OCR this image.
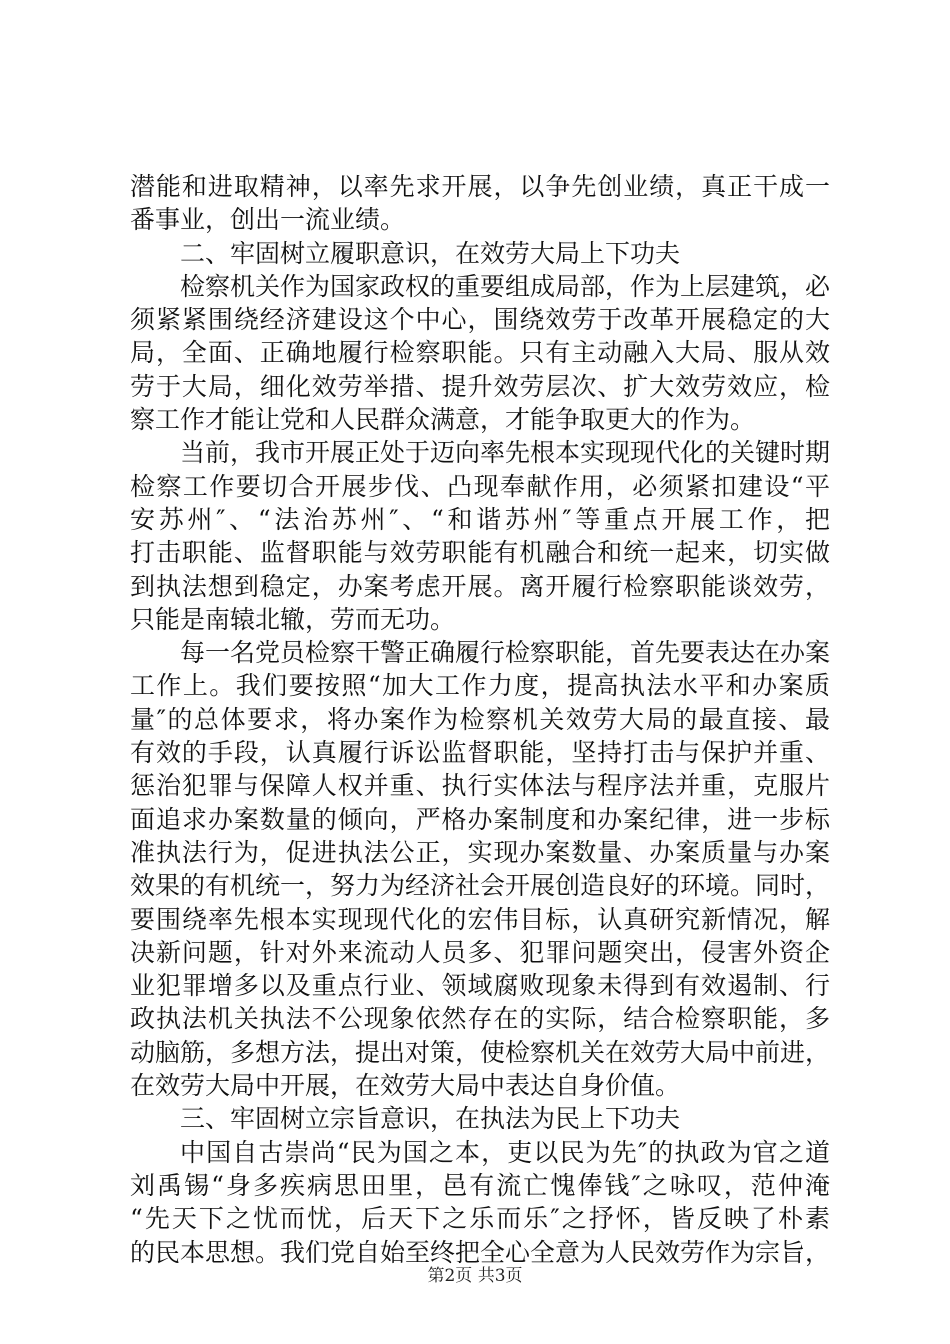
潜能和进取精神，以率先求开展，以争先创业绩，真正干成一
番事业，创出一流业绩。
二、牢固树立履职意识，在效劳大局上下功夫
检察机关作为国家政权的重要组成局部，作为上层建筑，必
须紧紧围绕经济建设这个中心，围绕效劳于改革开展稳定的大
局，全面、正确地履行检察职能。只有主动融入大局、服从效
劳于大局，细化效劳举措、提升效劳层次、扩大效劳效应，检
察工作才能让党和人民群众满意，才能争取更大的作为。
当前，我市开展正处于迈向率先根本实现现代化的关键时期
检察工作要切合开展步伐、凸现奉献作用，必须紧扣建设“平
安苏州″、“法治苏州″、“和谐苏州″等重点开展工作，把
打击职能、监督职能与效劳职能有机融合和统一起来，切实做
到执法想到稳定，办案考虑开展。离开履行检察职能谈效劳，
只能是南辕北辙，劳而无功。
每一名党员检察干警正确履行检察职能，首先要表达在办案
工作上。我们要按照“加大工作力度，提高执法水平和办案质
量″的总体要求，将办案作为检察机关效劳大局的最直接、最
有效的手段，认真履行诉讼监督职能，坚持打击与保护并重、
惩治犯罪与保障人权并重、执行实体法与程序法并重，克服片
面追求办案数量的倾向，严格办案制度和办案纪律，进一步标
准执法行为，促进执法公正，实现办案数量、办案质量与办案
效果的有机统一，努力为经济社会开展创造良好的环境。同时，
要围绕率先根本实现现代化的宏伟目标，认真研究新情况，解
决新问题，针对外来流动人员多、犯罪问题突出，侵害外资企
业犯罪增多以及重点行业、领域腐败现象未得到有效遏制、行
政执法机关执法不公现象依然存在的实际，结合检察职能，多
动脑筋，多想方法，提出对策，使检察机关在效劳大局中前进，
在效劳大局中开展，在效劳大局中表达自身价值。
三、牢固树立宗旨意识，在执法为民上下功夫
中国自古崇尚“民为国之本，吏以民为先″的执政为官之道
刘禹锡“身多疾病思田里，邑有流亡愧俸钱″之咏叹，范仲淹
“先天下之忧而忧，后天下之乐而乐″之抒怀，皆反映了朴素
的民本思想。我们党自始至终把全心全意为人民效劳作为宗旨，
第2页 共3页
